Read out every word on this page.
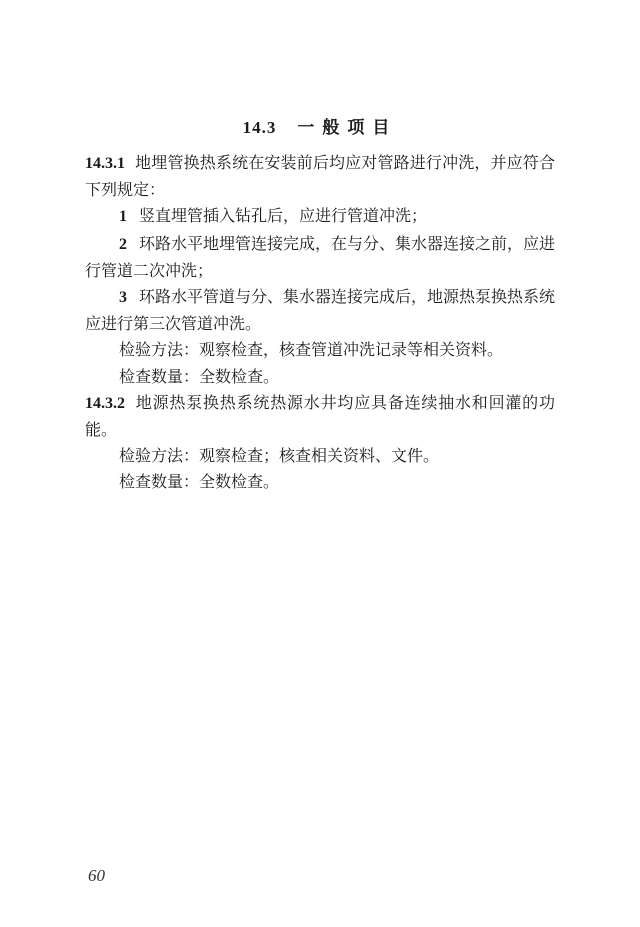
14.3 一般项目

14.3.1 地埋管换热系统在安装前后均应对管路进行冲洗，并应符合下列规定：

1 竖直埋管插入钻孔后，应进行管道冲洗；

2 环路水平地埋管连接完成，在与分、集水器连接之前，应进行管道二次冲洗；

3 环路水平管道与分、集水器连接完成后，地源热泵换热系统应进行第三次管道冲洗。

检验方法：观察检查，核查管道冲洗记录等相关资料。

检查数量：全数检查。

14.3.2 地源热泵换热系统热源水井均应具备连续抽水和回灌的功能。

检验方法：观察检查；核查相关资料、文件。

检查数量：全数检查。

60
